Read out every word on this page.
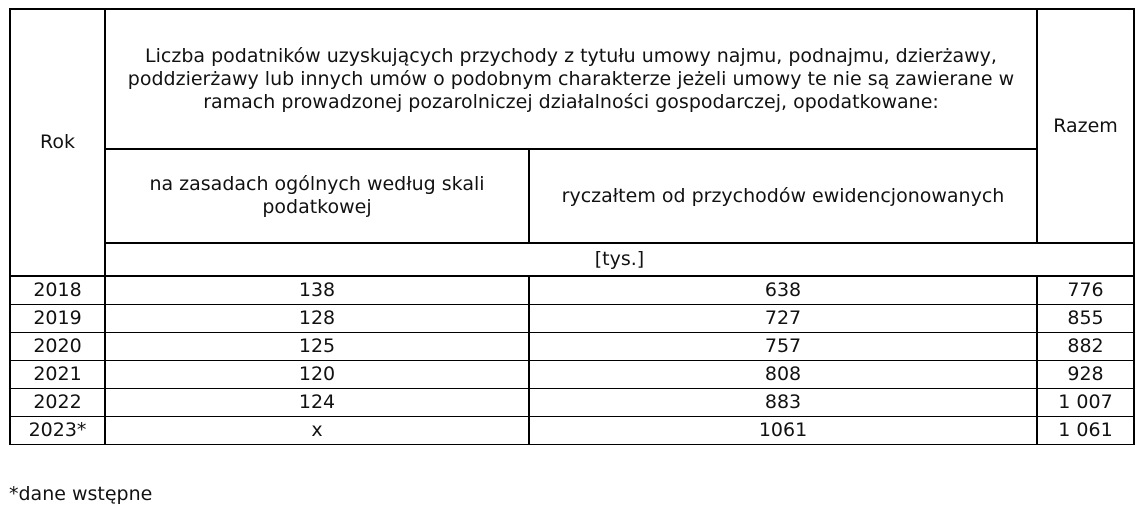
Rok	Liczba podatników uzyskujących przychody z tytułu umowy najmu, podnajmu, dzierżawy, poddzierżawy lub innych umów o podobnym charakterze jeżeli umowy te nie są zawierane w ramach prowadzonej pozarolniczej działalności gospodarczej, opodatkowane:		Razem
	na zasadach ogólnych według skali podatkowej	ryczałtem od przychodów ewidencjonowanych	
	[tys.]		
2018	138	638	776
2019	128	727	855
2020	125	757	882
2021	120	808	928
2022	124	883	1 007
2023*	x	1061	1 061
*dane wstępne
